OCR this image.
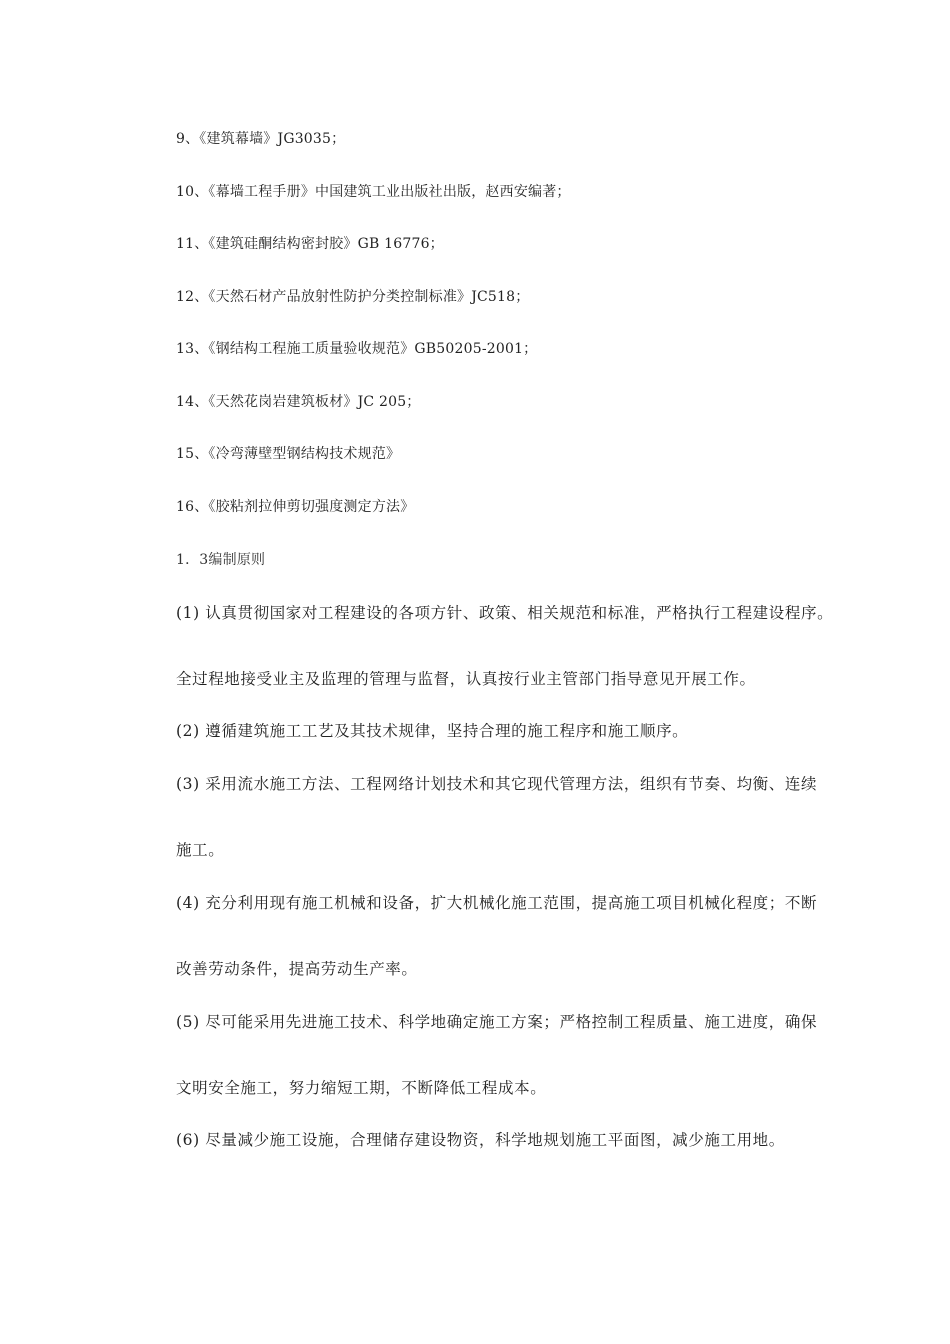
9、《建筑幕墙》JG3035；
10、《幕墙工程手册》中国建筑工业出版社出版，赵西安编著；
11、《建筑硅酮结构密封胶》GB 16776；
12、《天然石材产品放射性防护分类控制标准》JC518；
13、《钢结构工程施工质量验收规范》GB50205-2001；
14、《天然花岗岩建筑板材》JC 205；
15、《冷弯薄壁型钢结构技术规范》
16、《胶粘剂拉伸剪切强度测定方法》
1．3编制原则
(1) 认真贯彻国家对工程建设的各项方针、政策、相关规范和标准，严格执行工程建设程序。
全过程地接受业主及监理的管理与监督，认真按行业主管部门指导意见开展工作。
(2) 遵循建筑施工工艺及其技术规律，坚持合理的施工程序和施工顺序。
(3) 采用流水施工方法、工程网络计划技术和其它现代管理方法，组织有节奏、均衡、连续
施工。
(4) 充分利用现有施工机械和设备，扩大机械化施工范围，提高施工项目机械化程度；不断
改善劳动条件，提高劳动生产率。
(5) 尽可能采用先进施工技术、科学地确定施工方案；严格控制工程质量、施工进度，确保
文明安全施工，努力缩短工期，不断降低工程成本。
(6) 尽量减少施工设施，合理储存建设物资，科学地规划施工平面图，减少施工用地。
